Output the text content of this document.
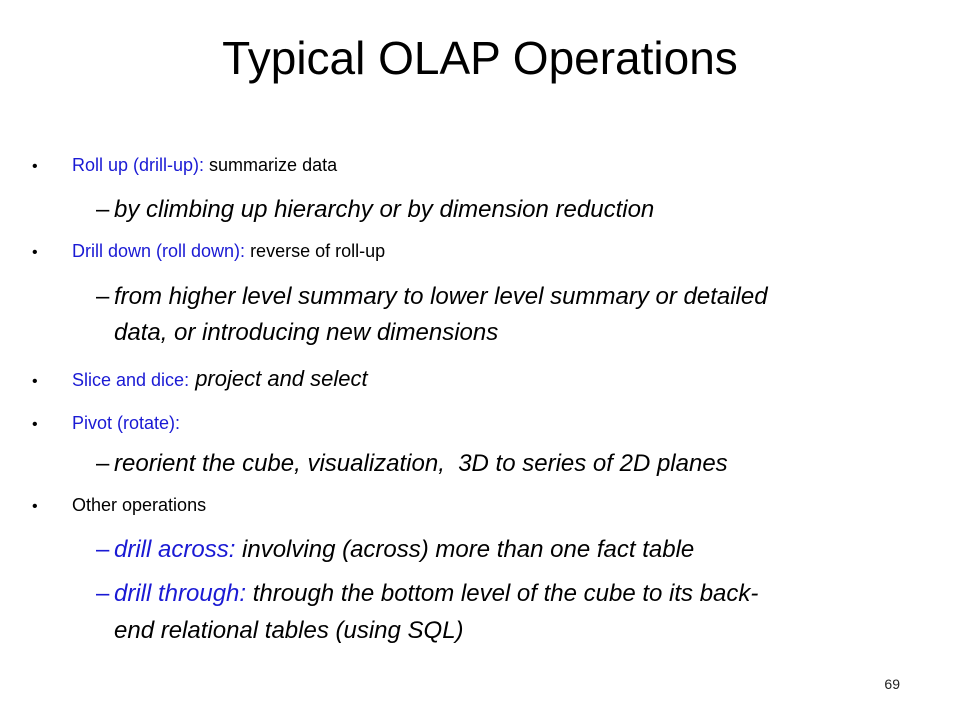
Typical OLAP Operations
• Roll up (drill-up): summarize data
– by climbing up hierarchy or by dimension reduction
• Drill down (roll down): reverse of roll-up
– from higher level summary to lower level summary or detailed
data, or introducing new dimensions
• Slice and dice: project and select
• Pivot (rotate):
– reorient the cube, visualization,  3D to series of 2D planes
• Other operations
– drill across: involving (across) more than one fact table
– drill through: through the bottom level of the cube to its back-
end relational tables (using SQL)
69
